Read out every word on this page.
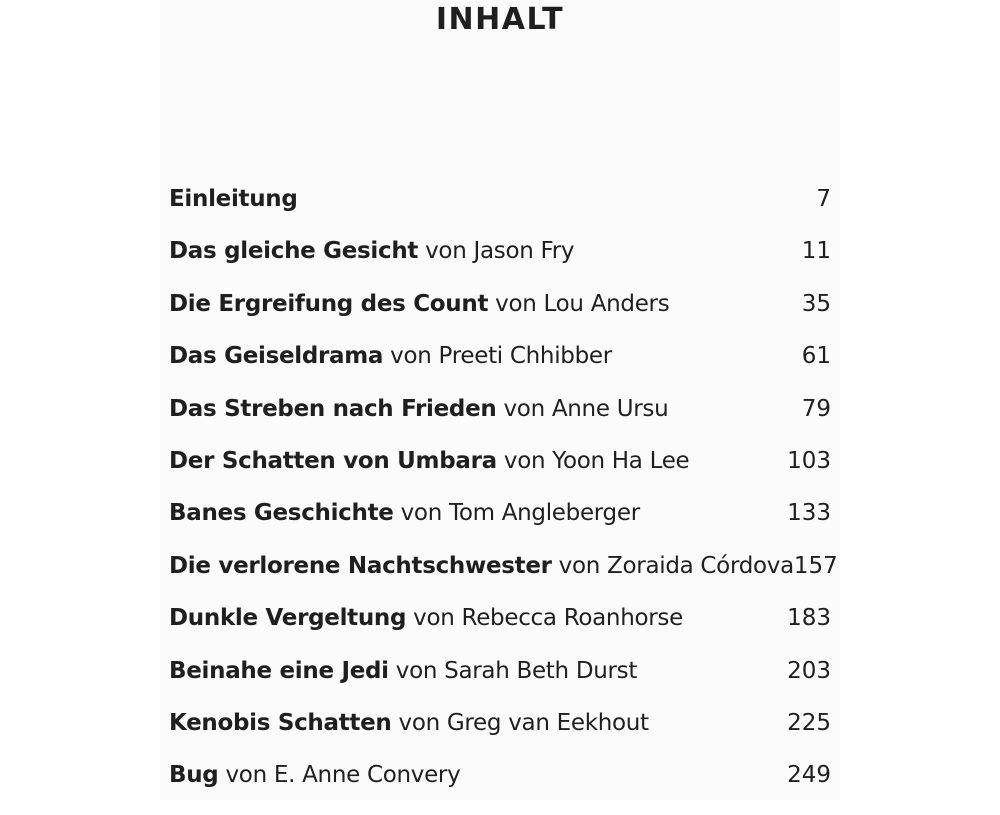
INHALT
Einleitung	7
Das gleiche Gesicht von Jason Fry	11
Die Ergreifung des Count von Lou Anders	35
Das Geiseldrama von Preeti Chhibber	61
Das Streben nach Frieden von Anne Ursu	79
Der Schatten von Umbara von Yoon Ha Lee	103
Banes Geschichte von Tom Angleberger	133
Die verlorene Nachtschwester von Zoraida Córdova 157
Dunkle Vergeltung von Rebecca Roanhorse	183
Beinahe eine Jedi von Sarah Beth Durst	203
Kenobis Schatten von Greg van Eekhout	225
Bug von E. Anne Convery	249
